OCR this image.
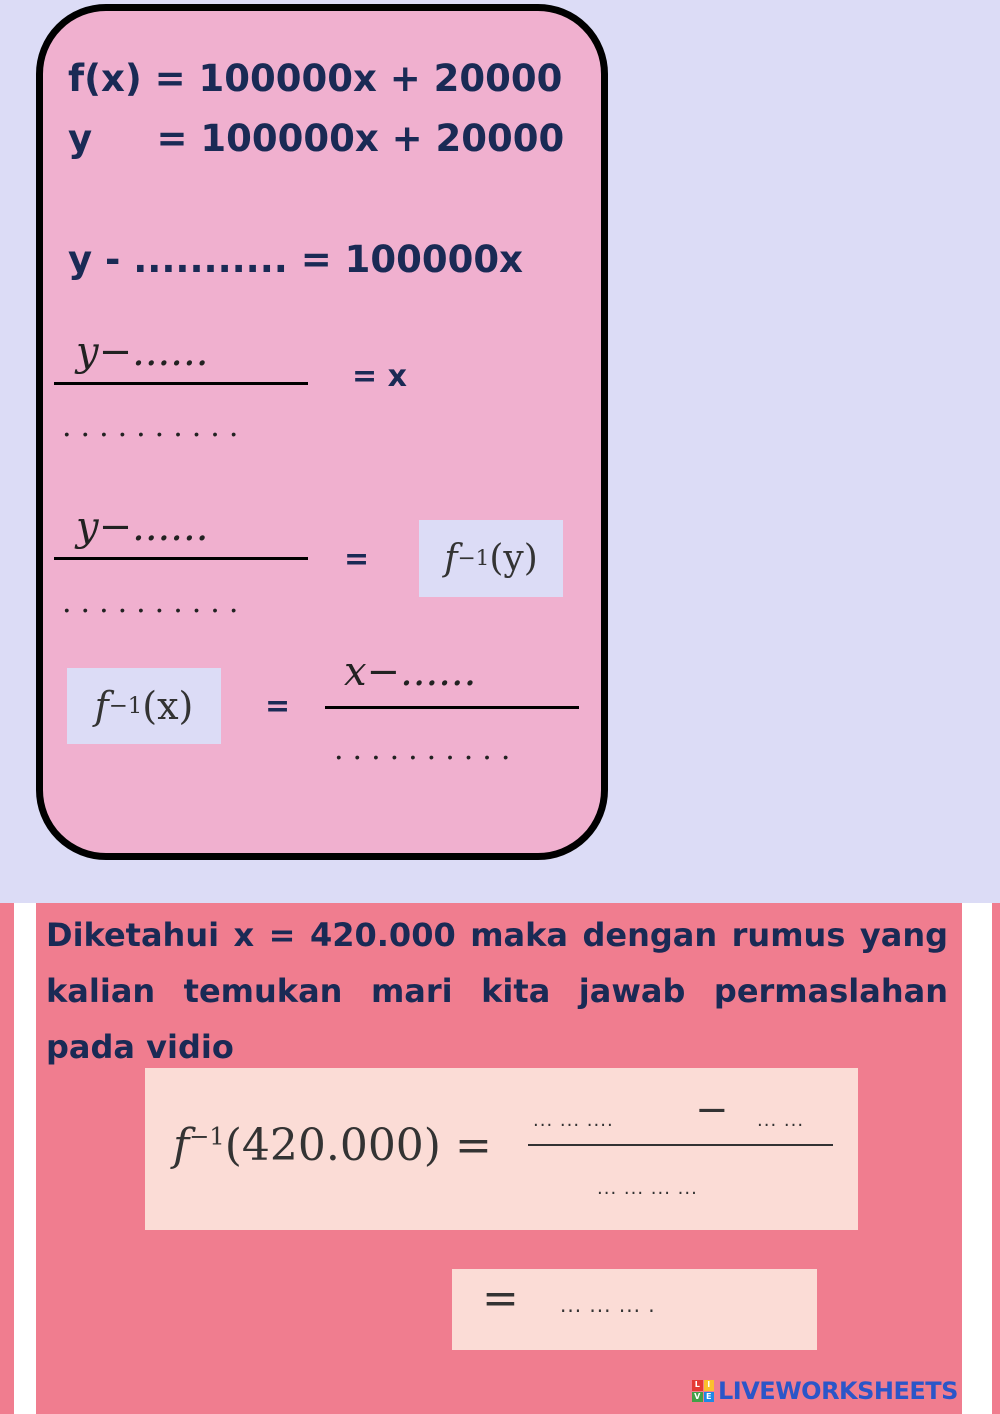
f(x) = 100000x + 20000
y     = 100000x + 20000
y - ........... = 100000x
y−......
..........
= x
y−......
..........
= f −1 (y)
f −1 (x) =
x−......
..........
Diketahui x = 420.000 maka dengan rumus yang kalian temukan mari kita jawab permaslahan pada vidio
$f^{-1}(420.000)$ = ... ... .... − ... ...
... ... ... ...
= ... ... ... .
L I
V E LIVEWORKSHEETS
